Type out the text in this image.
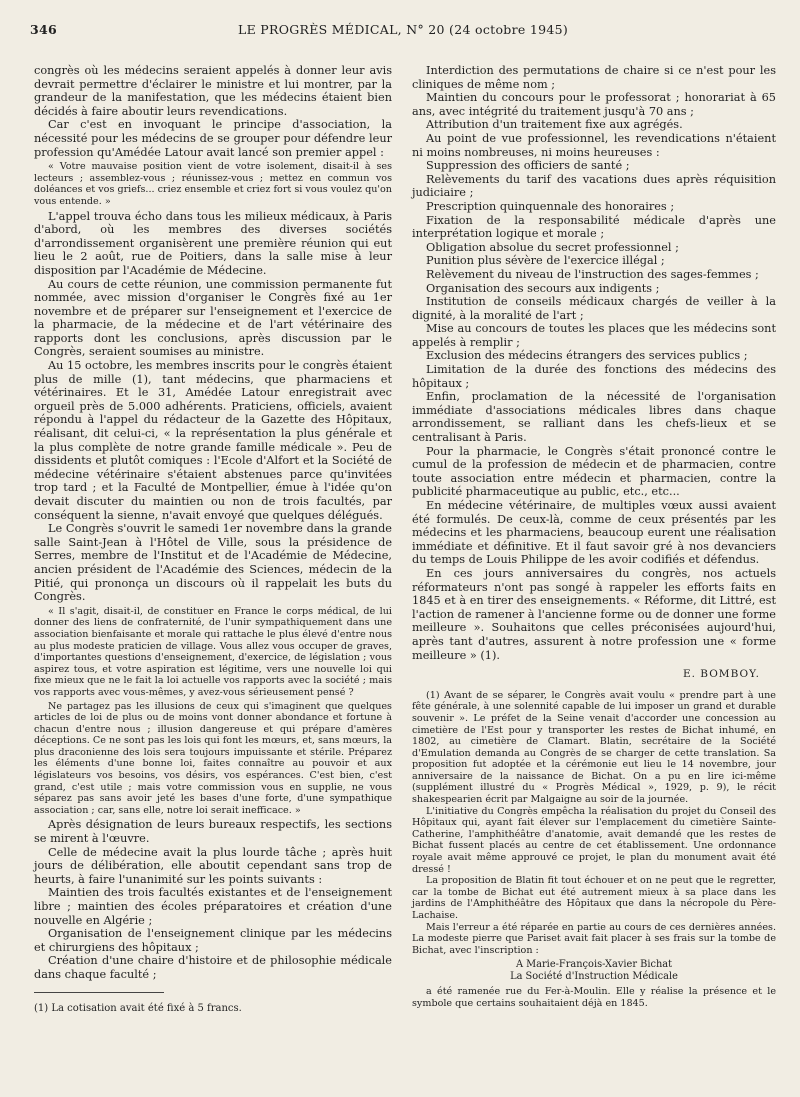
346	LE PROGRÈS MÉDICAL, N° 20 (24 octobre 1945)

congrès où les médecins seraient appelés à donner leur avis devrait permettre d'éclairer le ministre et lui montrer, par la grandeur de la manifestation, que les médecins étaient bien décidés à faire aboutir leurs revendications.

Car c'est en invoquant le principe d'association, la nécessité pour les médecins de se grouper pour défendre leur profession qu'Amédée Latour avait lancé son premier appel :

« Votre mauvaise position vient de votre isolement, disait-il à ses lecteurs ; assemblez-vous ; réunissez-vous ; mettez en commun vos doléances et vos griefs... criez ensemble et criez fort si vous voulez qu'on vous entende. »

L'appel trouva écho dans tous les milieux médicaux, à Paris d'abord, où les membres des diverses sociétés d'arrondissement organisèrent une première réunion qui eut lieu le 2 août, rue de Poitiers, dans la salle mise à leur disposition par l'Académie de Médecine.

Au cours de cette réunion, une commission permanente fut nommée, avec mission d'organiser le Congrès fixé au 1er novembre et de préparer sur l'enseignement et l'exercice de la pharmacie, de la médecine et de l'art vétérinaire des rapports dont les conclusions, après discussion par le Congrès, seraient soumises au ministre.

Au 15 octobre, les membres inscrits pour le congrès étaient plus de mille (1), tant médecins, que pharmaciens et vétérinaires. Et le 31, Amédée Latour enregistrait avec orgueil près de 5.000 adhérents. Praticiens, officiels, avaient répondu à l'appel du rédacteur de la Gazette des Hôpitaux, réalisant, dit celui-ci, « la représentation la plus générale et la plus complète de notre grande famille médicale ». Peu de dissidents et plutôt comiques : l'Ecole d'Alfort et la Société de médecine vétérinaire s'étaient abstenues parce qu'invitées trop tard ; et la Faculté de Montpellier, émue à l'idée qu'on devait discuter du maintien ou non de trois facultés, par conséquent la sienne, n'avait envoyé que quelques délégués.

Le Congrès s'ouvrit le samedi 1er novembre dans la grande salle Saint-Jean à l'Hôtel de Ville, sous la présidence de Serres, membre de l'Institut et de l'Académie de Médecine, ancien président de l'Académie des Sciences, médecin de la Pitié, qui prononça un discours où il rappelait les buts du Congrès.

« Il s'agit, disait-il, de constituer en France le corps médical, de lui donner des liens de confraternité, de l'unir sympathiquement dans une association bienfaisante et morale qui rattache le plus élevé d'entre nous au plus modeste praticien de village. Vous allez vous occuper de graves, d'importantes questions d'enseignement, d'exercice, de législation ; vous aspirez tous, et votre aspiration est légitime, vers une nouvelle loi qui fixe mieux que ne le fait la loi actuelle vos rapports avec la société ; mais vos rapports avec vous-mêmes, y avez-vous sérieusement pensé ?

Ne partagez pas les illusions de ceux qui s'imaginent que quelques articles de loi de plus ou de moins vont donner abondance et fortune à chacun d'entre nous ; illusion dangereuse et qui prépare d'amères déceptions. Ce ne sont pas les lois qui font les mœurs, et, sans mœurs, la plus draconienne des lois sera toujours impuissante et stérile. Préparez les éléments d'une bonne loi, faites connaître au pouvoir et aux législateurs vos besoins, vos désirs, vos espérances. C'est bien, c'est grand, c'est utile ; mais votre commission vous en supplie, ne vous séparez pas sans avoir jeté les bases d'une forte, d'une sympathique association ; car, sans elle, notre loi serait inefficace. »

Après désignation de leurs bureaux respectifs, les sections se mirent à l'œuvre.

Celle de médecine avait la plus lourde tâche ; après huit jours de délibération, elle aboutit cependant sans trop de heurts, à faire l'unanimité sur les points suivants :

Maintien des trois facultés existantes et de l'enseignement libre ; maintien des écoles préparatoires et création d'une nouvelle en Algérie ;

Organisation de l'enseignement clinique par les médecins et chirurgiens des hôpitaux ;

Création d'une chaire d'histoire et de philosophie médicale dans chaque faculté ;

(1) La cotisation avait été fixé à 5 francs.

Interdiction des permutations de chaire si ce n'est pour les cliniques de même nom ;

Maintien du concours pour le professorat ; honorariat à 65 ans, avec intégrité du traitement jusqu'à 70 ans ;

Attribution d'un traitement fixe aux agrégés.

Au point de vue professionnel, les revendications n'étaient ni moins nombreuses, ni moins heureuses :

Suppression des officiers de santé ;

Relèvements du tarif des vacations dues après réquisition judiciaire ;

Prescription quinquennale des honoraires ;

Fixation de la responsabilité médicale d'après une interprétation logique et morale ;

Obligation absolue du secret professionnel ;

Punition plus sévère de l'exercice illégal ;

Relèvement du niveau de l'instruction des sages-femmes ;

Organisation des secours aux indigents ;

Institution de conseils médicaux chargés de veiller à la dignité, à la moralité de l'art ;

Mise au concours de toutes les places que les médecins sont appelés à remplir ;

Exclusion des médecins étrangers des services publics ;

Limitation de la durée des fonctions des médecins des hôpitaux ;

Enfin, proclamation de la nécessité de l'organisation immédiate d'associations médicales libres dans chaque arrondissement, se ralliant dans les chefs-lieux et se centralisant à Paris.

Pour la pharmacie, le Congrès s'était prononcé contre le cumul de la profession de médecin et de pharmacien, contre toute association entre médecin et pharmacien, contre la publicité pharmaceutique au public, etc., etc...

En médecine vétérinaire, de multiples vœux aussi avaient été formulés. De ceux-là, comme de ceux présentés par les médecins et les pharmaciens, beaucoup eurent une réalisation immédiate et définitive. Et il faut savoir gré à nos devanciers du temps de Louis Philippe de les avoir codifiés et défendus.

En ces jours anniversaires du congrès, nos actuels réformateurs n'ont pas songé à rappeler les efforts faits en 1845 et à en tirer des enseignements. « Réforme, dit Littré, est l'action de ramener à l'ancienne forme ou de donner une forme meilleure ». Souhaitons que celles préconisées aujourd'hui, après tant d'autres, assurent à notre profession une « forme meilleure » (1).

E. BOMBOY.

(1) Avant de se séparer, le Congrès avait voulu « prendre part à une fête générale, à une solennité capable de lui imposer un grand et durable souvenir ». Le préfet de la Seine venait d'accorder une concession au cimetière de l'Est pour y transporter les restes de Bichat inhumé, en 1802, au cimetière de Clamart. Blatin, secrétaire de la Société d'Emulation demanda au Congrès de se charger de cette translation. Sa proposition fut adoptée et la cérémonie eut lieu le 14 novembre, jour anniversaire de la naissance de Bichat. On a pu en lire ici-même (supplément illustré du « Progrès Médical », 1929, p. 9), le récit shakespearien écrit par Malgaigne au soir de la journée.

L'initiative du Congrès empêcha la réalisation du projet du Conseil des Hôpitaux qui, ayant fait élever sur l'emplacement du cimetière Sainte-Catherine, l'amphithéâtre d'anatomie, avait demandé que les restes de Bichat fussent placés au centre de cet établissement. Une ordonnance royale avait même approuvé ce projet, le plan du monument avait été dressé !

La proposition de Blatin fit tout échouer et on ne peut que le regretter, car la tombe de Bichat eut été autrement mieux à sa place dans les jardins de l'Amphithéâtre des Hôpitaux que dans la nécropole du Père-Lachaise.

Mais l'erreur a été réparée en partie au cours de ces dernières années. La modeste pierre que Pariset avait fait placer à ses frais sur la tombe de Bichat, avec l'inscription :

A Marie-François-Xavier Bichat
La Société d'Instruction Médicale

a été ramenée rue du Fer-à-Moulin. Elle y réalise la présence et le symbole que certains souhaitaient déjà en 1845.
